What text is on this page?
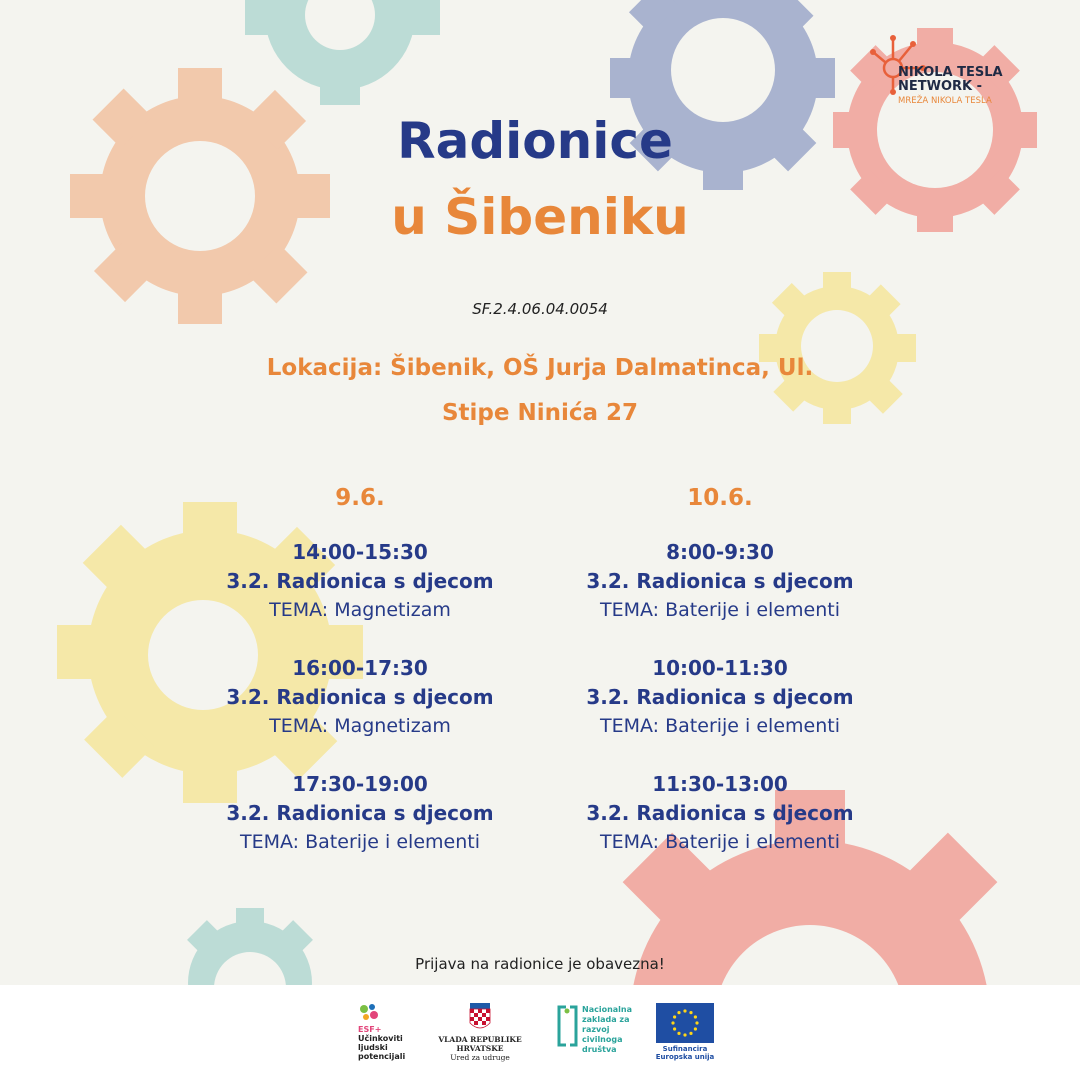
NIKOLA TESLA
NETWORK -
MREŽA NIKOLA TESLA
Radionice
u Šibeniku
SF.2.4.06.04.0054
Lokacija: Šibenik, OŠ Jurja Dalmatinca, Ul.
Stipe Ninića 27
9.6.
14:00-15:30
3.2. Radionica s djecom
TEMA: Magnetizam
16:00-17:30
3.2. Radionica s djecom
TEMA: Magnetizam
17:30-19:00
3.2. Radionica s djecom
TEMA: Baterije i elementi
10.6.
8:00-9:30
3.2. Radionica s djecom
TEMA: Baterije i elementi
10:00-11:30
3.2. Radionica s djecom
TEMA: Baterije i elementi
11:30-13:00
3.2. Radionica s djecom
TEMA: Baterije i elementi
Prijava na radionice je obavezna!
ESF+
Učinkoviti
ljudski
potencijali
VLADA REPUBLIKE HRVATSKE
Ured za udruge
Nacionalna
zaklada za
razvoj
civilnoga
društva	Sufinancira
Europska unija
